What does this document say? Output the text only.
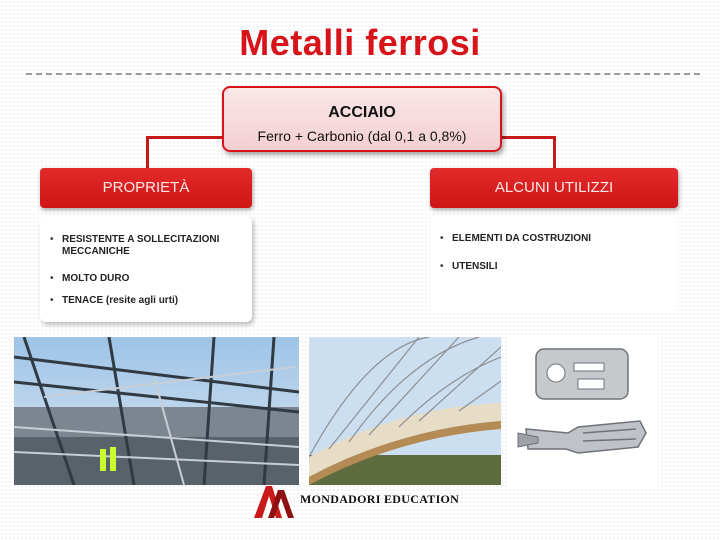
Metalli ferrosi
ACCIAIO
Ferro + Carbonio (dal 0,1 a 0,8%)
PROPRIETÀ	ALCUNI UTILIZZI
• RESISTENTE A SOLLECITAZIONI MECCANICHE
• MOLTO DURO
• TENACE (resite agli urti)
• ELEMENTI DA COSTRUZIONI
• UTENSILI
MONDADORI EDUCATION
